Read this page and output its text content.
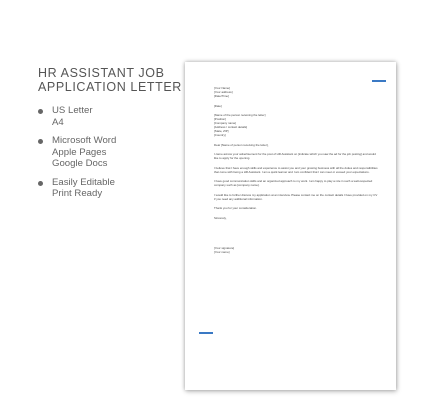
HR ASSISTANT JOB
APPLICATION LETTER
US Letter
A4
Microsoft Word
Apple Pages
Google Docs
Easily Editable
Print Ready
[Your Name]
[Your address]
[Date/Time]
[Date]
[Name of the person receiving the letter]
[Position]
[Company name]
[Address / contact details]
[State, ZIP]
[Country]
Dear [Name of person receiving the letter],
I came across your advertisement for the post of HR Assistant on [indicate which you saw the ad for the job posting] and would like to apply for the opening.
I believe that I have enough skills and experience to assist you and your growing business with all the duties and responsibilities that come with being a HR Assistant. I am a quick learner and I am confident that I can meet or exceed your expectations.
I have good communication skills and an organized approach to my work. I am happy to play a role in such a well-respected company such as [company name].
I would like to further discuss my application at an interview. Please contact me on the contact details I have provided on my CV if you need any additional information.
Thank you for your consideration.
Sincerely,
[Your signature]
[Your name]
